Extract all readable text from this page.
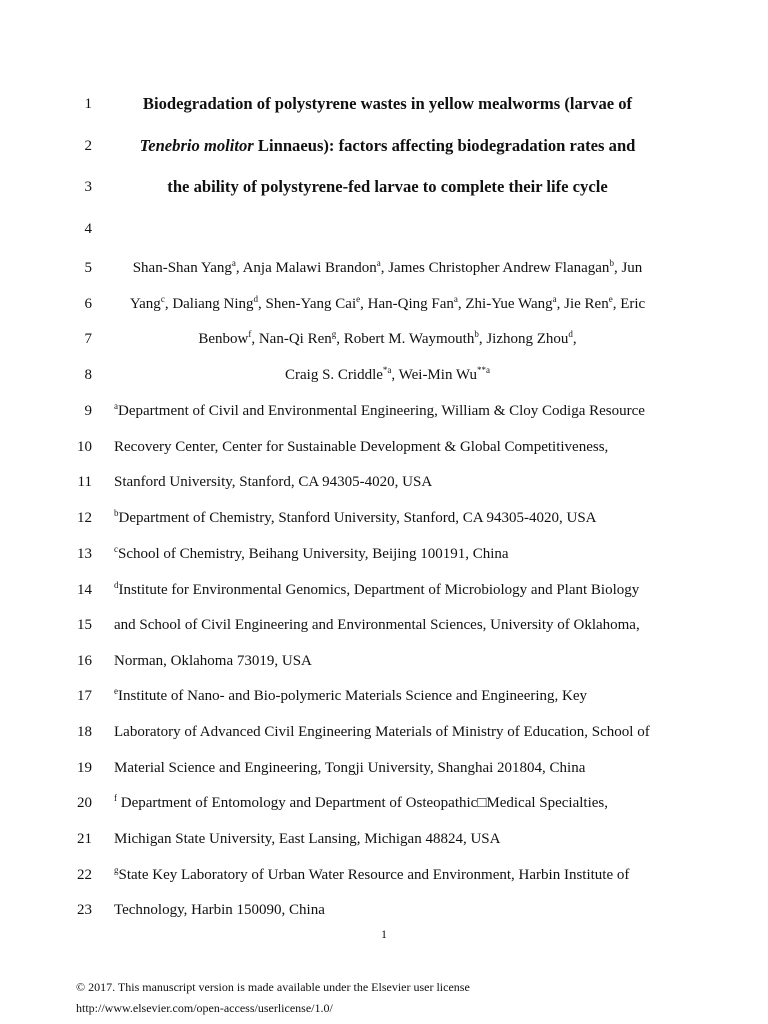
1	Biodegradation of polystyrene wastes in yellow mealworms (larvae of
2	Tenebrio molitor Linnaeus): factors affecting biodegradation rates and
3	the ability of polystyrene-fed larvae to complete their life cycle
4
5	Shan-Shan Yang$^a$, Anja Malawi Brandon$^a$, James Christopher Andrew Flanagan$^b$, Jun
6	Yang$^c$, Daliang Ning$^d$, Shen-Yang Cai$^e$, Han-Qing Fan$^a$, Zhi-Yue Wang$^a$, Jie Ren$^e$, Eric
7	Benbow$^f$, Nan-Qi Ren$^g$, Robert M. Waymouth$^b$, Jizhong Zhou$^d$,
8	Craig S. Criddle$^{*a}$, Wei-Min Wu$^{**a}$
9 $^a$Department of Civil and Environmental Engineering, William & Cloy Codiga Resource
10 Recovery Center, Center for Sustainable Development & Global Competitiveness,
11 Stanford University, Stanford, CA 94305-4020, USA
12 $^b$Department of Chemistry, Stanford University, Stanford, CA 94305-4020, USA
13 $^c$School of Chemistry, Beihang University, Beijing 100191, China
14 $^d$Institute for Environmental Genomics, Department of Microbiology and Plant Biology
15 and School of Civil Engineering and Environmental Sciences, University of Oklahoma,
16 Norman, Oklahoma 73019, USA
17 $^e$Institute of Nano- and Bio-polymeric Materials Science and Engineering, Key
18 Laboratory of Advanced Civil Engineering Materials of Ministry of Education, School of
19 Material Science and Engineering, Tongji University, Shanghai 201804, China
20 $^f$ Department of Entomology and Department of Osteopathic□Medical Specialties,
21 Michigan State University, East Lansing, Michigan 48824, USA
22 $^g$State Key Laboratory of Urban Water Resource and Environment, Harbin Institute of
23 Technology, Harbin 150090, China
1
© 2017. This manuscript version is made available under the Elsevier user license
http://www.elsevier.com/open-access/userlicense/1.0/
